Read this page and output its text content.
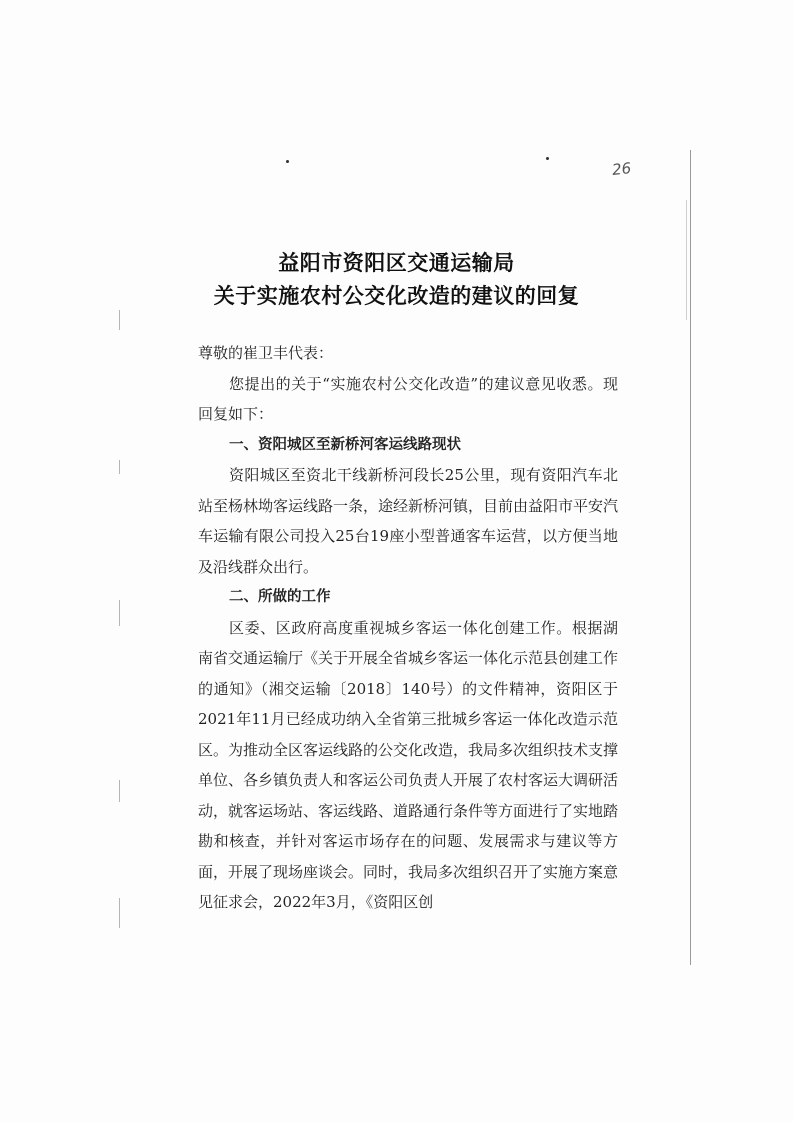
26
益阳市资阳区交通运输局
关于实施农村公交化改造的建议的回复

尊敬的崔卫丰代表：

您提出的关于“实施农村公交化改造”的建议意见收悉。现回复如下：

一、资阳城区至新桥河客运线路现状

资阳城区至资北干线新桥河段长25公里，现有资阳汽车北站至杨林坳客运线路一条，途经新桥河镇，目前由益阳市平安汽车运输有限公司投入25台19座小型普通客车运营，以方便当地及沿线群众出行。

二、所做的工作

区委、区政府高度重视城乡客运一体化创建工作。根据湖南省交通运输厅《关于开展全省城乡客运一体化示范县创建工作的通知》（湘交运输〔2018〕140号）的文件精神，资阳区于2021年11月已经成功纳入全省第三批城乡客运一体化改造示范区。为推动全区客运线路的公交化改造，我局多次组织技术支撑单位、各乡镇负责人和客运公司负责人开展了农村客运大调研活动，就客运场站、客运线路、道路通行条件等方面进行了实地踏勘和核查，并针对客运市场存在的问题、发展需求与建议等方面，开展了现场座谈会。同时，我局多次组织召开了实施方案意见征求会，2022年3月，《资阳区创
